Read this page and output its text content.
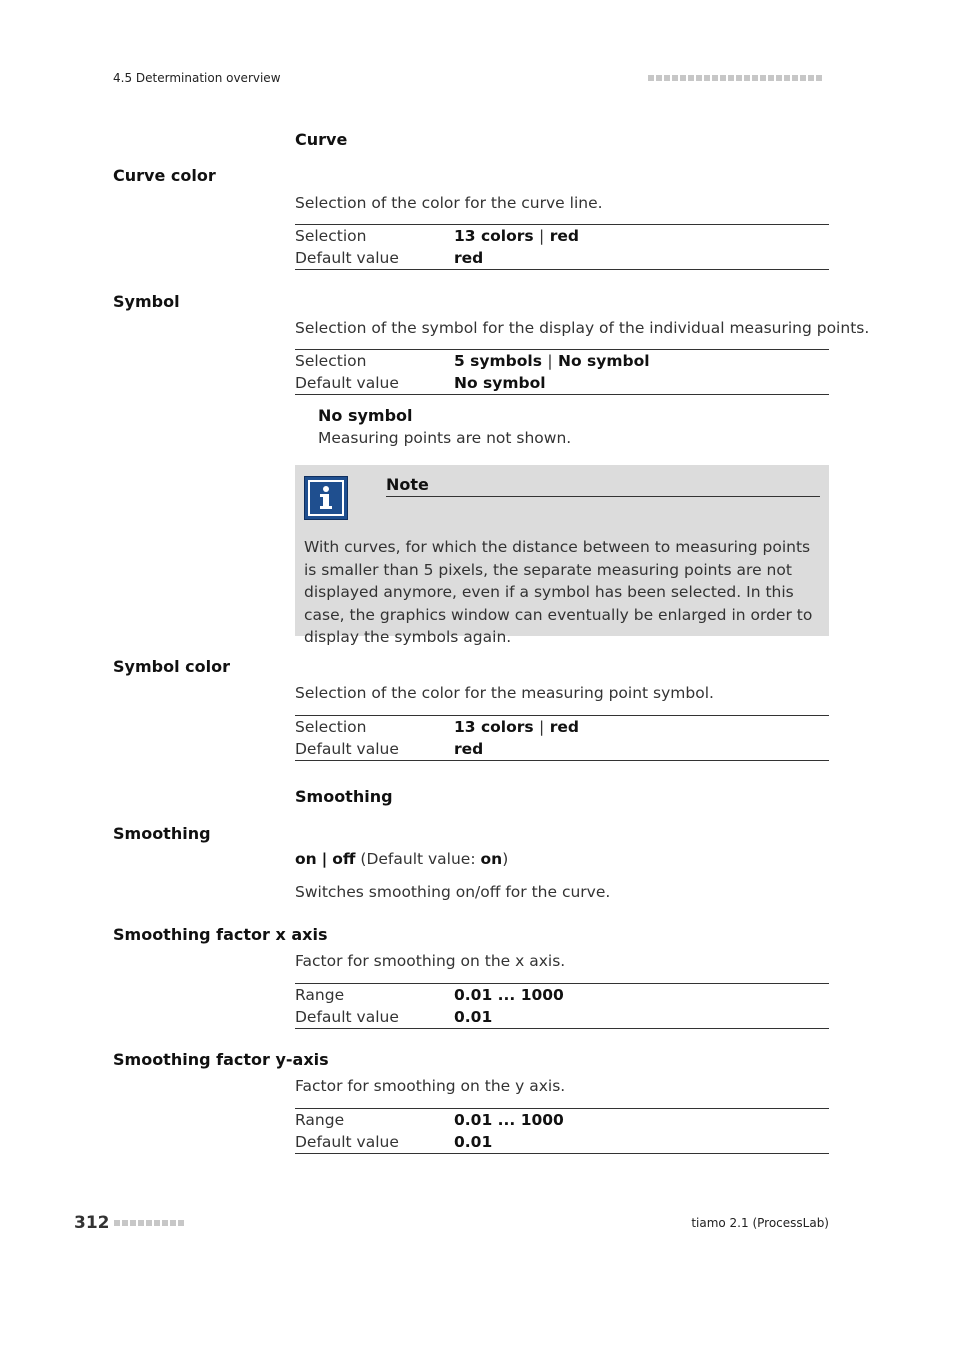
4.5 Determination overview
Curve
Curve color
Selection of the color for the curve line.
Selection	13 colors | red
Default value	red
Symbol
Selection of the symbol for the display of the individual measuring points.
Selection	5 symbols | No symbol
Default value	No symbol
No symbol
Measuring points are not shown.
Note
With curves, for which the distance between to measuring points is smaller than 5 pixels, the separate measuring points are not displayed anymore, even if a symbol has been selected. In this case, the graphics window can eventually be enlarged in order to display the symbols again.
Symbol color
Selection of the color for the measuring point symbol.
Selection	13 colors | red
Default value	red
Smoothing
Smoothing
on | off (Default value: on)
Switches smoothing on/off for the curve.
Smoothing factor x axis
Factor for smoothing on the x axis.
Range	0.01 ... 1000
Default value	0.01
Smoothing factor y-axis
Factor for smoothing on the y axis.
Range	0.01 ... 1000
Default value	0.01
312	tiamo 2.1 (ProcessLab)
